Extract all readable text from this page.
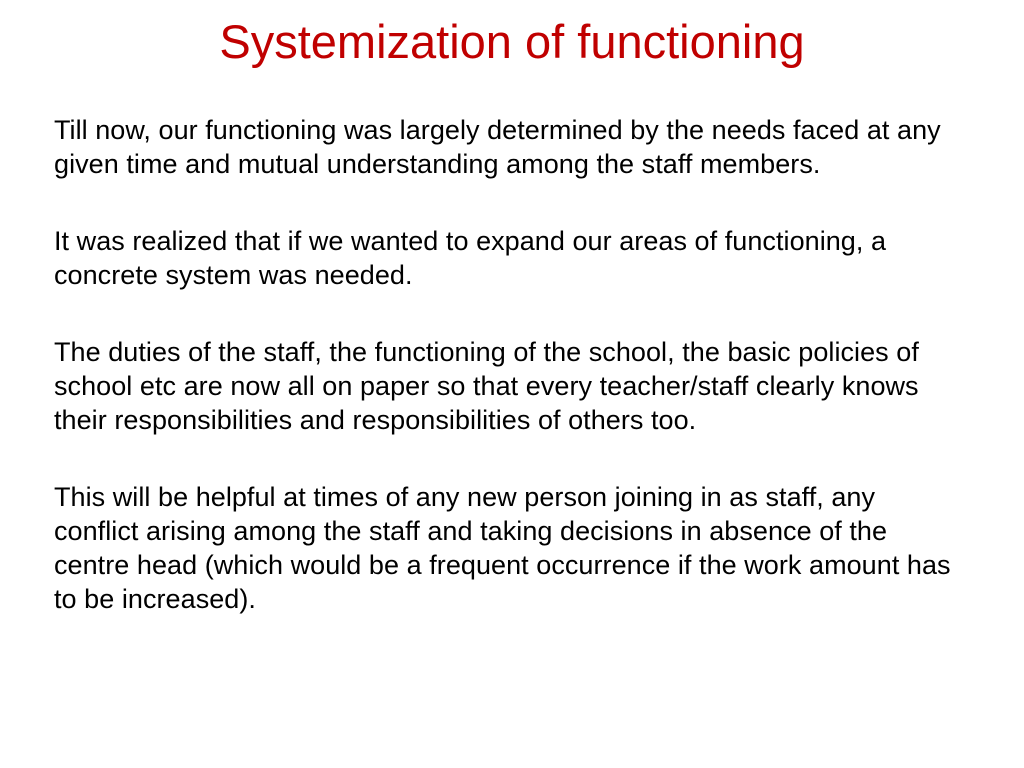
Systemization of functioning

Till now, our functioning was largely determined by the needs faced at any given time and mutual understanding among the staff members.

It was realized that if we wanted to expand our areas of functioning, a concrete system was needed.

The duties of the staff, the functioning of the school, the basic policies of school etc are now all on paper so that every teacher/staff clearly knows their responsibilities and responsibilities of others too.

This will be helpful at times of any new person joining in as staff, any conflict arising among the staff and taking decisions in absence of the centre head (which would be a frequent occurrence if the work amount has to be increased).
